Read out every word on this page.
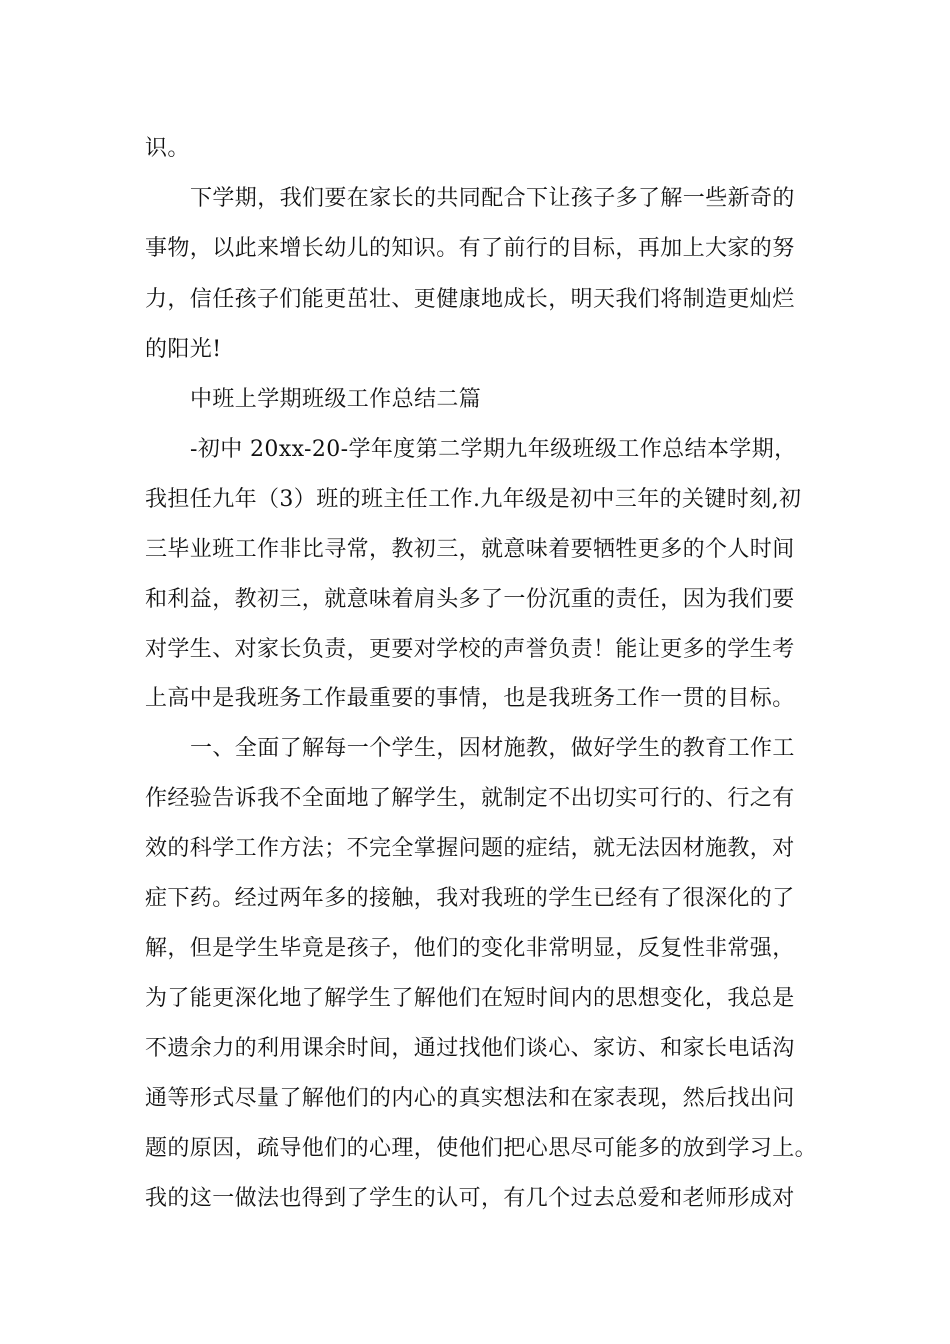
识。
下学期，我们要在家长的共同配合下让孩子多了解一些新奇的
事物，以此来增长幼儿的知识。有了前行的目标，再加上大家的努
力，信任孩子们能更茁壮、更健康地成长，明天我们将制造更灿烂
的阳光!
中班上学期班级工作总结二篇
-初中 20xx-20-学年度第二学期九年级班级工作总结本学期，
我担任九年（3）班的班主任工作.九年级是初中三年的关键时刻,初
三毕业班工作非比寻常，教初三，就意味着要牺牲更多的个人时间
和利益，教初三，就意味着肩头多了一份沉重的责任，因为我们要
对学生、对家长负责，更要对学校的声誉负责！能让更多的学生考
上高中是我班务工作最重要的事情，也是我班务工作一贯的目标。
一、全面了解每一个学生，因材施教，做好学生的教育工作工
作经验告诉我不全面地了解学生，就制定不出切实可行的、行之有
效的科学工作方法；不完全掌握问题的症结，就无法因材施教，对
症下药。经过两年多的接触，我对我班的学生已经有了很深化的了
解，但是学生毕竟是孩子，他们的变化非常明显，反复性非常强，
为了能更深化地了解学生了解他们在短时间内的思想变化，我总是
不遗余力的利用课余时间，通过找他们谈心、家访、和家长电话沟
通等形式尽量了解他们的内心的真实想法和在家表现，然后找出问
题的原因，疏导他们的心理，使他们把心思尽可能多的放到学习上。
我的这一做法也得到了学生的认可，有几个过去总爱和老师形成对
